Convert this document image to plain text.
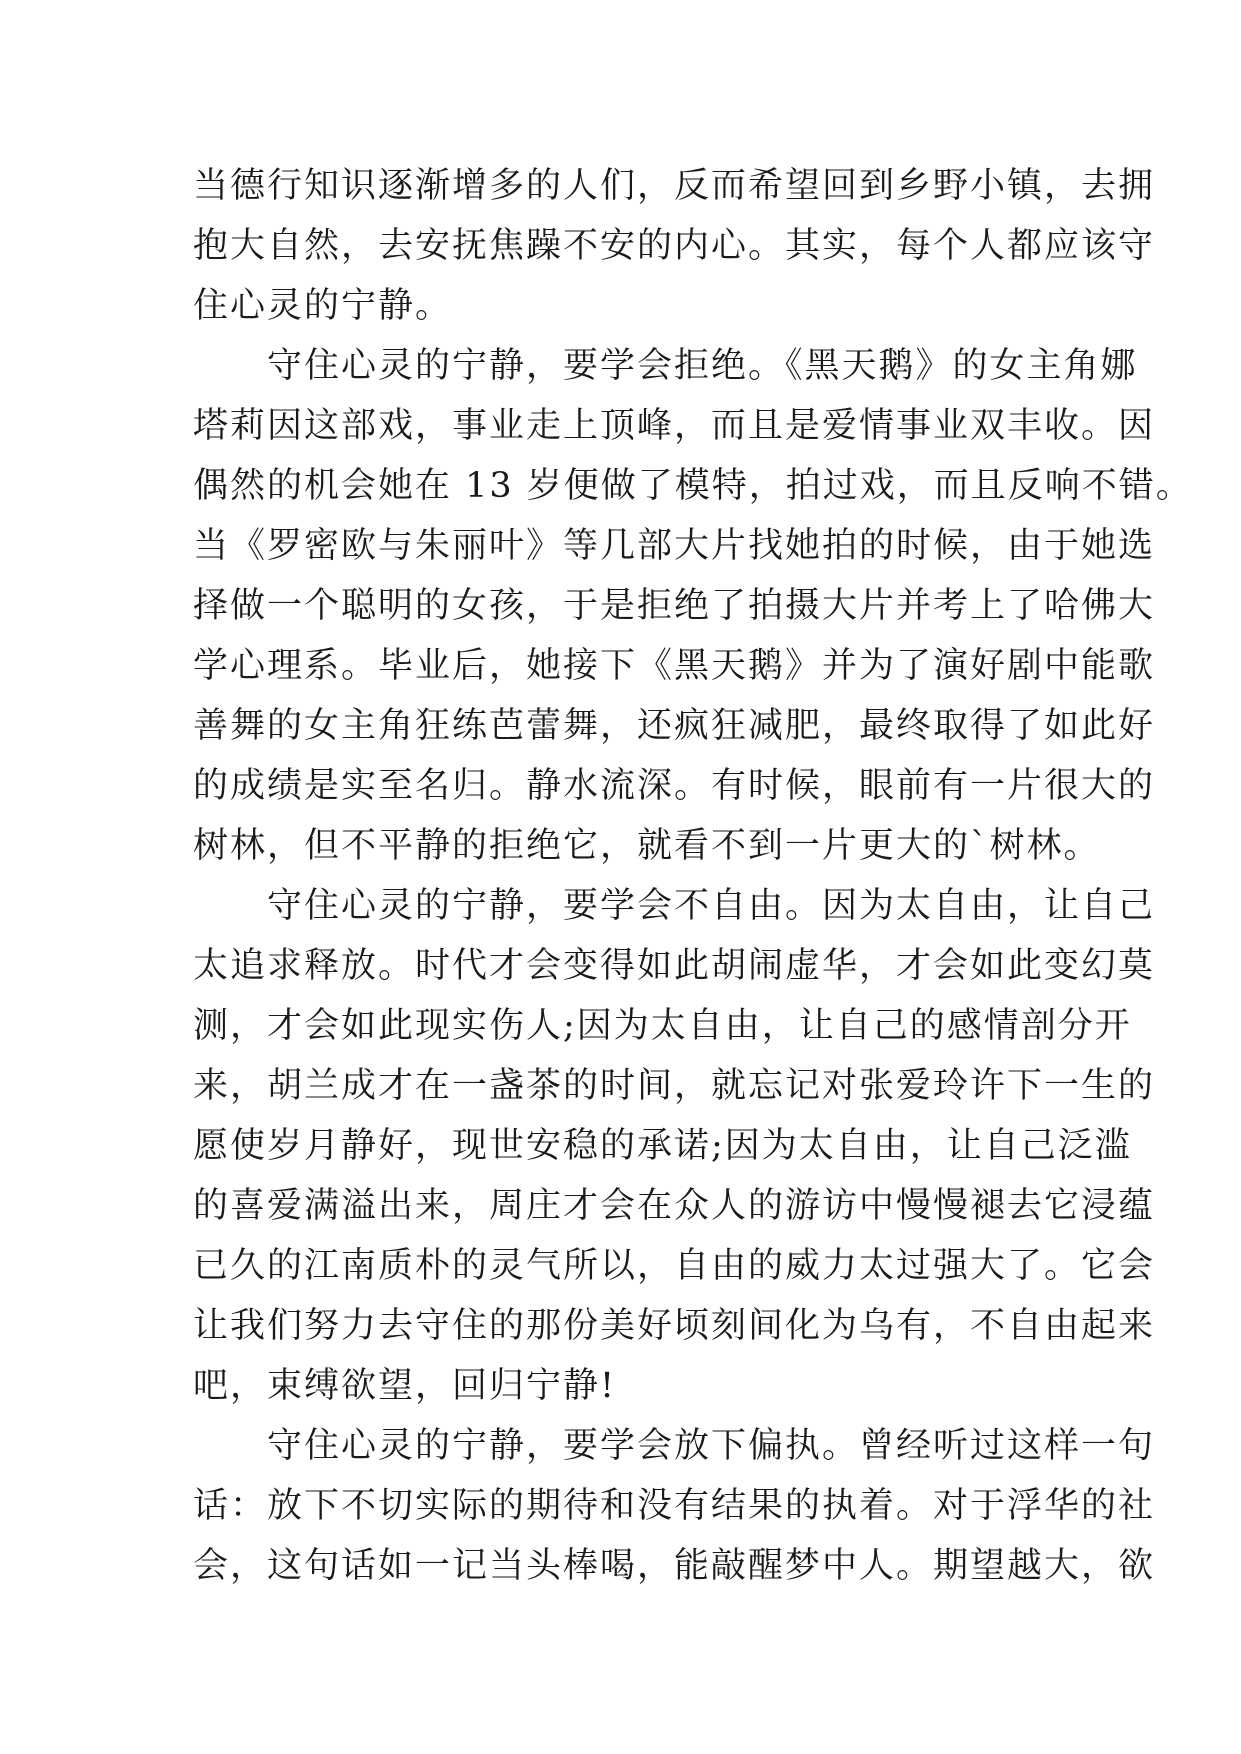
当德行知识逐渐增多的人们，反而希望回到乡野小镇，去拥
抱大自然，去安抚焦躁不安的内心。其实，每个人都应该守
住心灵的宁静。
　　守住心灵的宁静，要学会拒绝。《黑天鹅》的女主角娜
塔莉因这部戏，事业走上顶峰，而且是爱情事业双丰收。因
偶然的机会她在 13 岁便做了模特，拍过戏，而且反响不错。
当《罗密欧与朱丽叶》等几部大片找她拍的时候，由于她选
择做一个聪明的女孩，于是拒绝了拍摄大片并考上了哈佛大
学心理系。毕业后，她接下《黑天鹅》并为了演好剧中能歌
善舞的女主角狂练芭蕾舞，还疯狂减肥，最终取得了如此好
的成绩是实至名归。静水流深。有时候，眼前有一片很大的
树林，但不平静的拒绝它，就看不到一片更大的`树林。
　　守住心灵的宁静，要学会不自由。因为太自由，让自己
太追求释放。时代才会变得如此胡闹虚华，才会如此变幻莫
测，才会如此现实伤人;因为太自由，让自己的感情剖分开
来，胡兰成才在一盏茶的时间，就忘记对张爱玲许下一生的
愿使岁月静好，现世安稳的承诺;因为太自由，让自己泛滥
的喜爱满溢出来，周庄才会在众人的游访中慢慢褪去它浸蕴
已久的江南质朴的灵气所以，自由的威力太过强大了。它会
让我们努力去守住的那份美好顷刻间化为乌有，不自由起来
吧，束缚欲望，回归宁静!
　　守住心灵的宁静，要学会放下偏执。曾经听过这样一句
话：放下不切实际的期待和没有结果的执着。对于浮华的社
会，这句话如一记当头棒喝，能敲醒梦中人。期望越大，欲
